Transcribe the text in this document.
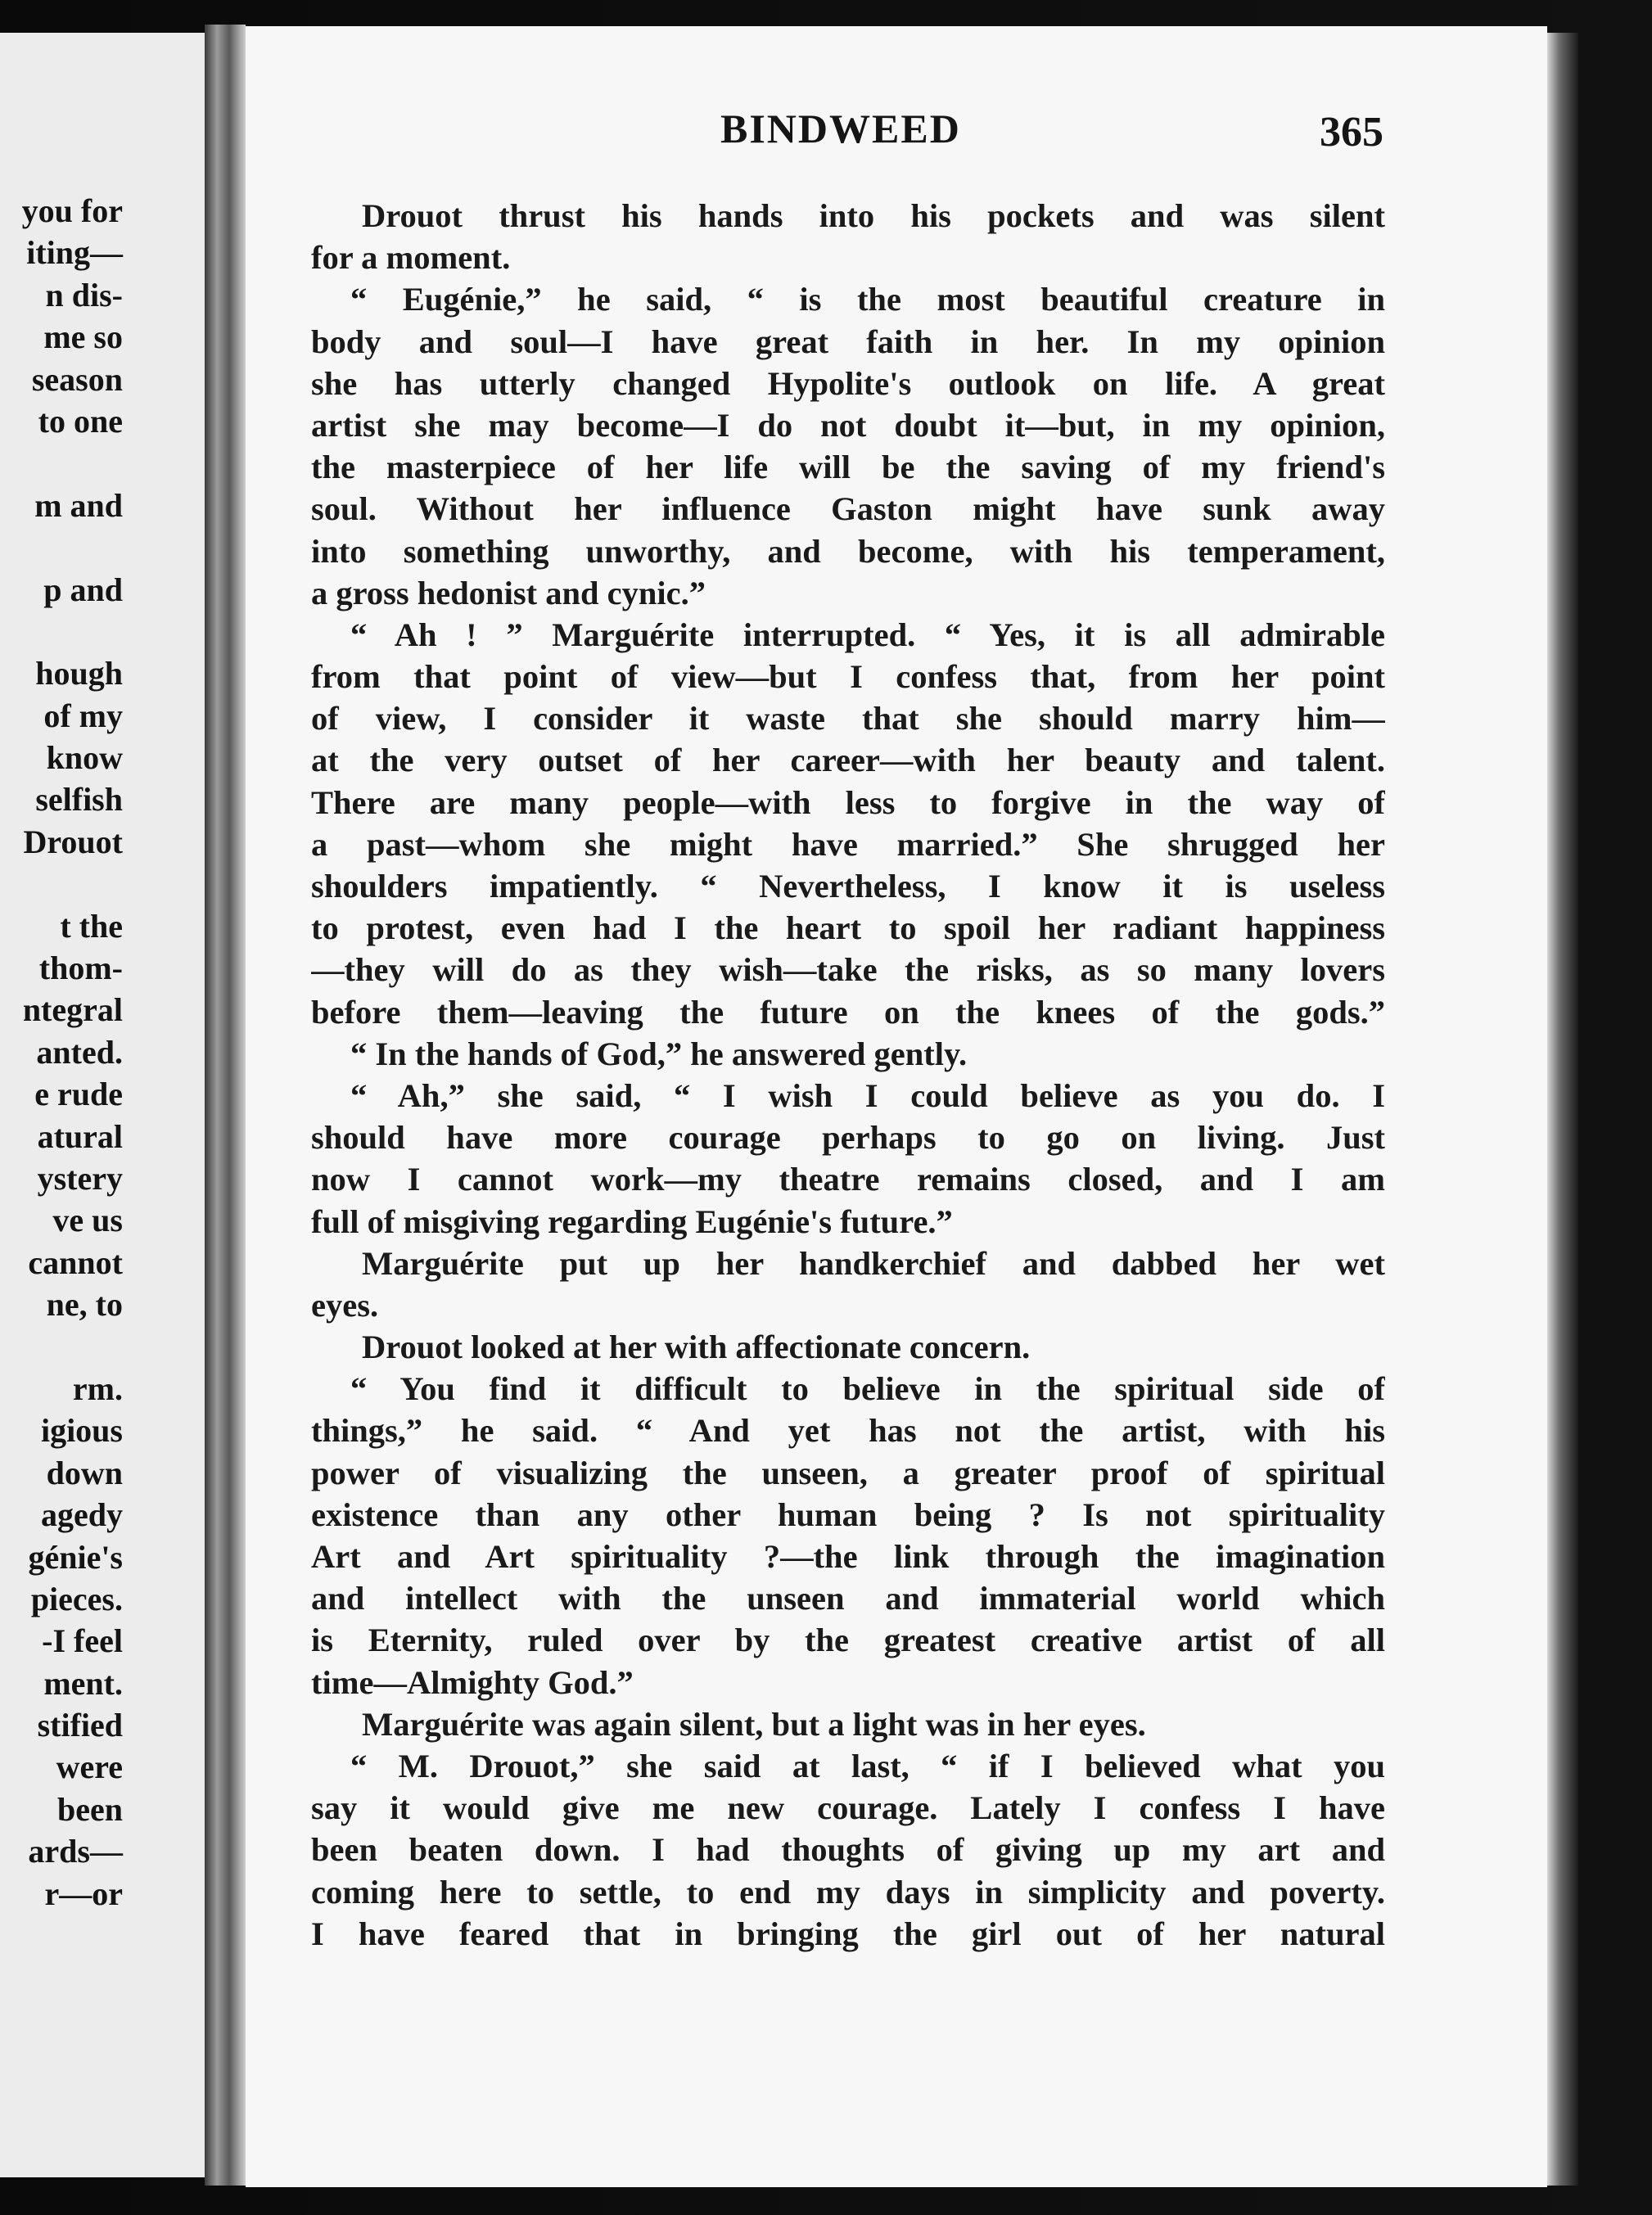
you for
iting—
n dis-
me so
season
to one
m and
p and
hough
of my
know
selfish
Drouot
t the
thom-
ntegral
anted.
e rude
atural
ystery
ve us
cannot
ne, to
rm.
igious
down
agedy
génie's
pieces.
-I feel
ment.
stified
were
been
ards—
r—or
BINDWEED	365
Drouot thrust his hands into his pockets and was silent
for a moment.
“ Eugénie,” he said, “ is the most beautiful creature in
body and soul—I have great faith in her. In my opinion
she has utterly changed Hypolite's outlook on life. A great
artist she may become—I do not doubt it—but, in my opinion,
the masterpiece of her life will be the saving of my friend's
soul. Without her influence Gaston might have sunk away
into something unworthy, and become, with his temperament,
a gross hedonist and cynic.”
“ Ah ! ” Marguérite interrupted. “ Yes, it is all admirable
from that point of view—but I confess that, from her point
of view, I consider it waste that she should marry him—
at the very outset of her career—with her beauty and talent.
There are many people—with less to forgive in the way of
a past—whom she might have married.” She shrugged her
shoulders impatiently. “ Nevertheless, I know it is useless
to protest, even had I the heart to spoil her radiant happiness
—they will do as they wish—take the risks, as so many lovers
before them—leaving the future on the knees of the gods.”
“ In the hands of God,” he answered gently.
“ Ah,” she said, “ I wish I could believe as you do. I
should have more courage perhaps to go on living. Just
now I cannot work—my theatre remains closed, and I am
full of misgiving regarding Eugénie's future.”
Marguérite put up her handkerchief and dabbed her wet
eyes.
Drouot looked at her with affectionate concern.
“ You find it difficult to believe in the spiritual side of
things,” he said. “ And yet has not the artist, with his
power of visualizing the unseen, a greater proof of spiritual
existence than any other human being ? Is not spirituality
Art and Art spirituality ?—the link through the imagination
and intellect with the unseen and immaterial world which
is Eternity, ruled over by the greatest creative artist of all
time—Almighty God.”
Marguérite was again silent, but a light was in her eyes.
“ M. Drouot,” she said at last, “ if I believed what you
say it would give me new courage. Lately I confess I have
been beaten down. I had thoughts of giving up my art and
coming here to settle, to end my days in simplicity and poverty.
I have feared that in bringing the girl out of her natural
